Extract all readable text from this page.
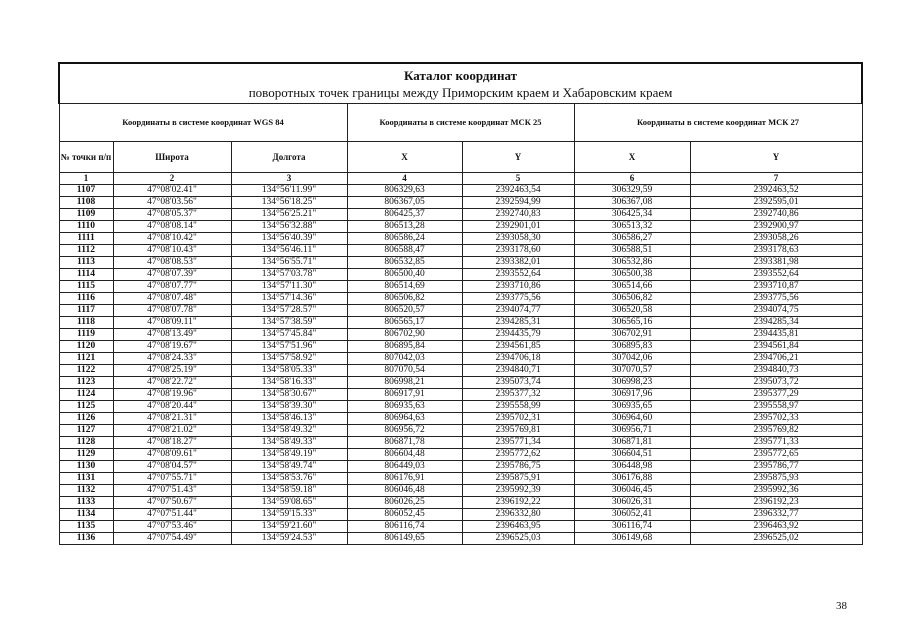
Каталог координат
поворотных точек границы между Приморским краем и Хабаровским краем						

Координаты в системе координат WGS 84			Координаты в системе координат МСК 25		Координаты в системе координат МСК 27	
№ точки п/п	Широта	Долгота	X	Y	X	Y
1	2	3	4	5	6	7
1107	47°08'02.41"	134°56'11.99"	806329,63	2392463,54	306329,59	2392463,52
1108	47°08'03.56"	134°56'18.25"	806367,05	2392594,99	306367,08	2392595,01
1109	47°08'05.37"	134°56'25.21"	806425,37	2392740,83	306425,34	2392740,86
1110	47°08'08.14"	134°56'32.88"	806513,28	2392901,01	306513,32	2392900,97
1111	47°08'10.42"	134°56'40.39"	806586,24	2393058,30	306586,27	2393058,26
1112	47°08'10.43"	134°56'46.11"	806588,47	2393178,60	306588,51	2393178,63
1113	47°08'08.53"	134°56'55.71"	806532,85	2393382,01	306532,86	2393381,98
1114	47°08'07.39"	134°57'03.78"	806500,40	2393552,64	306500,38	2393552,64
1115	47°08'07.77"	134°57'11.30"	806514,69	2393710,86	306514,66	2393710,87
1116	47°08'07.48"	134°57'14.36"	806506,82	2393775,56	306506,82	2393775,56
1117	47°08'07.78"	134°57'28.57"	806520,57	2394074,77	306520,58	2394074,75
1118	47°08'09.11"	134°57'38.59"	806565,17	2394285,31	306565,16	2394285,34
1119	47°08'13.49"	134°57'45.84"	806702,90	2394435,79	306702,91	2394435,81
1120	47°08'19.67"	134°57'51.96"	806895,84	2394561,85	306895,83	2394561,84
1121	47°08'24.33"	134°57'58.92"	807042,03	2394706,18	307042,06	2394706,21
1122	47°08'25.19"	134°58'05.33"	807070,54	2394840,71	307070,57	2394840,73
1123	47°08'22.72"	134°58'16.33"	806998,21	2395073,74	306998,23	2395073,72
1124	47°08'19.96"	134°58'30.67"	806917,91	2395377,32	306917,96	2395377,29
1125	47°08'20.44"	134°58'39.30"	806935,63	2395558,99	306935,65	2395558,97
1126	47°08'21.31"	134°58'46.13"	806964,63	2395702,31	306964,60	2395702,33
1127	47°08'21.02"	134°58'49.32"	806956,72	2395769,81	306956,71	2395769,82
1128	47°08'18.27"	134°58'49.33"	806871,78	2395771,34	306871,81	2395771,33
1129	47°08'09.61"	134°58'49.19"	806604,48	2395772,62	306604,51	2395772,65
1130	47°08'04.57"	134°58'49.74"	806449,03	2395786,75	306448,98	2395786,77
1131	47°07'55.71"	134°58'53.76"	806176,91	2395875,91	306176,88	2395875,93
1132	47°07'51.43"	134°58'59.18"	806046,48	2395992,39	306046,45	2395992,36
1133	47°07'50.67"	134°59'08.65"	806026,25	2396192,22	306026,31	2396192,23
1134	47°07'51.44"	134°59'15.33"	806052,45	2396332,80	306052,41	2396332,77
1135	47°07'53.46"	134°59'21.60"	806116,74	2396463,95	306116,74	2396463,92
1136	47°07'54.49"	134°59'24.53"	806149,65	2396525,03	306149,68	2396525,02
38
